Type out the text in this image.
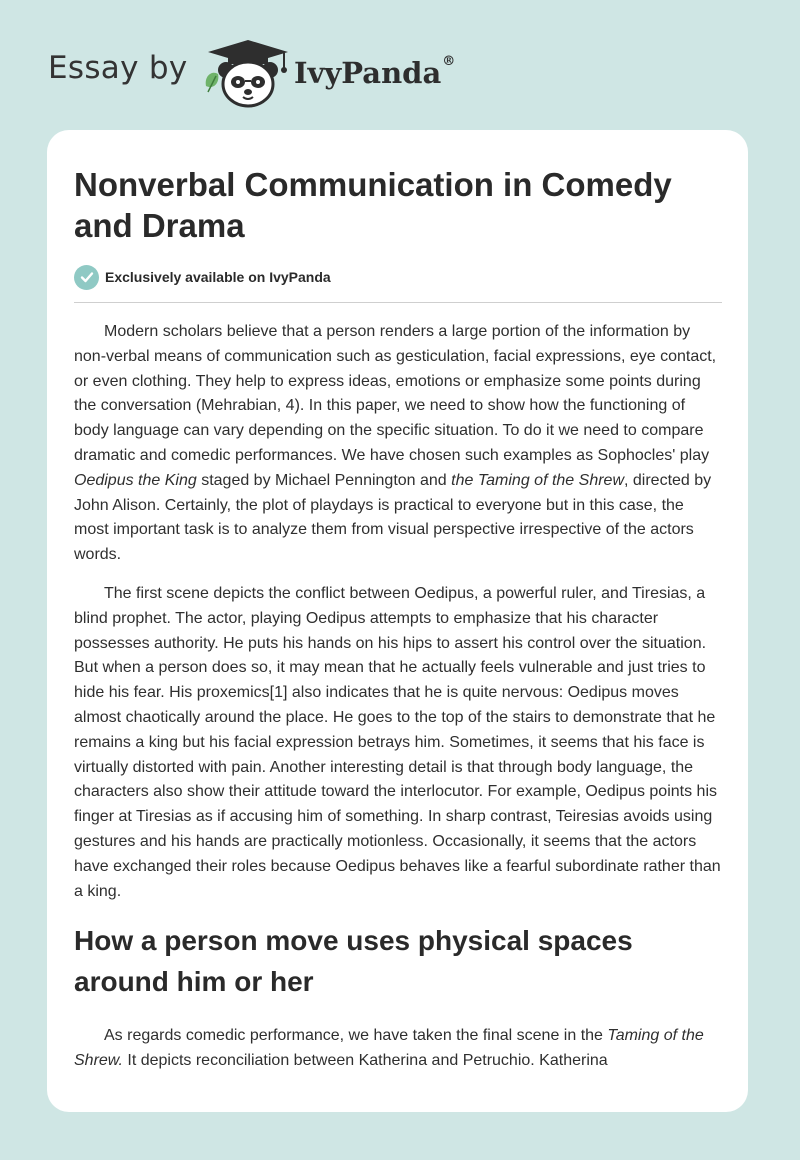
Essay by	IvyPanda®
Nonverbal Communication in Comedy and Drama
Exclusively available on IvyPanda

Modern scholars believe that a person renders a large portion of the information by non-verbal means of communication such as gesticulation, facial expressions, eye contact, or even clothing. They help to express ideas, emotions or emphasize some points during the conversation (Mehrabian, 4). In this paper, we need to show how the functioning of body language can vary depending on the specific situation. To do it we need to compare dramatic and comedic performances. We have chosen such examples as Sophocles' play Oedipus the King staged by Michael Pennington and the Taming of the Shrew, directed by John Alison. Certainly, the plot of playdays is practical to everyone but in this case, the most important task is to analyze them from visual perspective irrespective of the actors words.

The first scene depicts the conflict between Oedipus, a powerful ruler, and Tiresias, a blind prophet. The actor, playing Oedipus attempts to emphasize that his character possesses authority. He puts his hands on his hips to assert his control over the situation. But when a person does so, it may mean that he actually feels vulnerable and just tries to hide his fear. His proxemics[1] also indicates that he is quite nervous: Oedipus moves almost chaotically around the place. He goes to the top of the stairs to demonstrate that he remains a king but his facial expression betrays him. Sometimes, it seems that his face is virtually distorted with pain. Another interesting detail is that through body language, the characters also show their attitude toward the interlocutor. For example, Oedipus points his finger at Tiresias as if accusing him of something. In sharp contrast, Teiresias avoids using gestures and his hands are practically motionless. Occasionally, it seems that the actors have exchanged their roles because Oedipus behaves like a fearful subordinate rather than a king.

How a person move uses physical spaces around him or her

As regards comedic performance, we have taken the final scene in the Taming of the Shrew. It depicts reconciliation between Katherina and Petruchio. Katherina
